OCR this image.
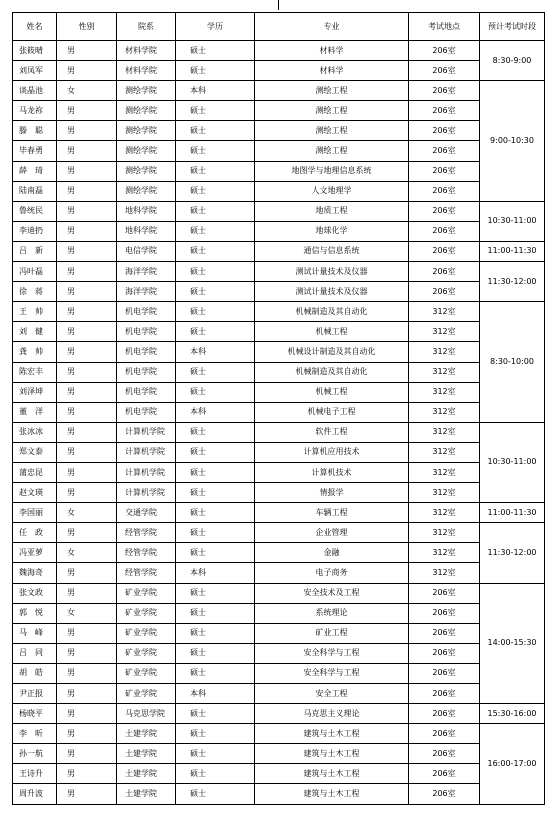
姓名	性别	院系	学历	专业	考试地点	预计考试时段
张筱晴	男	材料学院	硕士	材料学	206室	8:30-9:00
刘凤军	男	材料学院	硕士	材料学	206室	
谈晶池	女	测绘学院	本科	测绘工程	206室	9:00-10:30
马龙祢	男	测绘学院	硕士	测绘工程	206室	
滕　聪	男	测绘学院	硕士	测绘工程	206室	
毕春勇	男	测绘学院	硕士	测绘工程	206室	
薛　琦	男	测绘学院	硕士	地图学与地理信息系统	206室	
陆南磊	男	测绘学院	硕士	人文地理学	206室	
鲁统民	男	地科学院	硕士	地质工程	206室	10:30-11:00
李迪扔	男	地科学院	硕士	地球化学	206室	
吕　新	男	电信学院	硕士	通信与信息系统	206室	11:00-11:30
冯叶磊	男	海洋学院	硕士	测试计量技术及仪器	206室	11:30-12:00
徐　蒋	男	海洋学院	硕士	测试计量技术及仪器	206室	
王　帅	男	机电学院	硕士	机械制造及其自动化	312室	8:30-10:00
刘　健	男	机电学院	硕士	机械工程	312室	
龚　帅	男	机电学院	本科	机械设计制造及其自动化	312室	
陈宏丰	男	机电学院	硕士	机械制造及其自动化	312室	
刘泽坤	男	机电学院	硕士	机械工程	312室	
董　洋	男	机电学院	本科	机械电子工程	312室	
张冰冰	男	计算机学院	硕士	软件工程	312室	10:30-11:00
郑文泰	男	计算机学院	硕士	计算机应用技术	312室	
蒲忠昆	男	计算机学院	硕士	计算机技术	312室	
赵文瑛	男	计算机学院	硕士	情报学	312室	
李国丽	女	交通学院	硕士	车辆工程	312室	11:00-11:30
任　政	男	经管学院	硕士	企业管理	312室	11:30-12:00
冯亚萝	女	经管学院	硕士	金融	312室	
魏海奇	男	经管学院	本科	电子商务	312室	
张文政	男	矿业学院	硕士	安全技术及工程	206室	14:00-15:30
郭　悦	女	矿业学院	硕士	系统理论	206室	
马　峰	男	矿业学院	硕士	矿业工程	206室	
吕　同	男	矿业学院	硕士	安全科学与工程	206室	
胡　皓	男	矿业学院	硕士	安全科学与工程	206室	
尹正报	男	矿业学院	本科	安全工程	206室	
杨晓平	男	马克思学院	硕士	马克思主义理论	206室	15:30-16:00
李　昕	男	土建学院	硕士	建筑与土木工程	206室	16:00-17:00
孙一航	男	土建学院	硕士	建筑与土木工程	206室	
王诗升	男	土建学院	硕士	建筑与土木工程	206室	
周升波	男	土建学院	硕士	建筑与土木工程	206室	
